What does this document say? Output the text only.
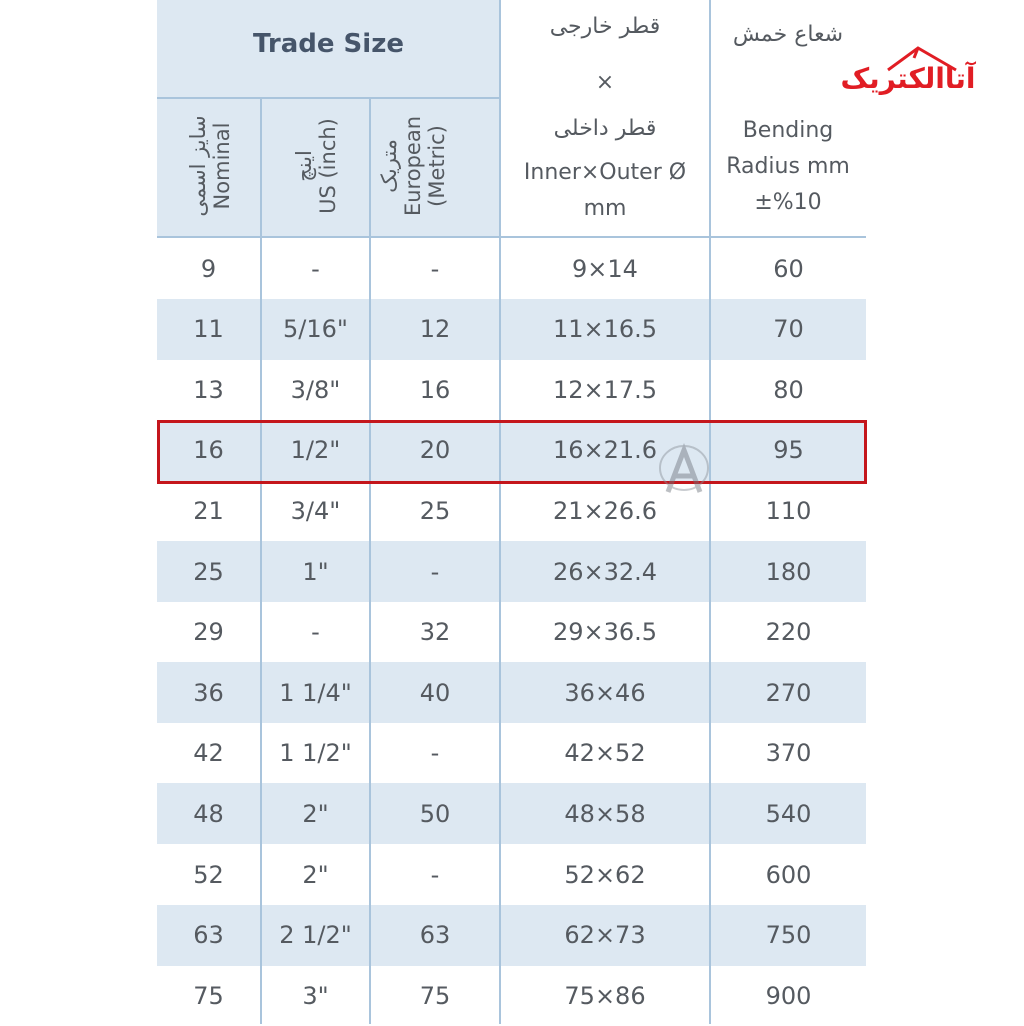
Trade Size
سایز اسمی Nominal	اینچ US (inch) متریک European (Metric)
قطر خارجی
×
قطر داخلی
Inner×Outer Ø
mm
شعاع خمش
Bending
Radius mm
±%10
9	-	-	9×14	60
11	5/16"	12	11×16.5	70
13	3/8"	16	12×17.5	80
16	1/2"	20	16×21.6	95
21	3/4"	25	21×26.6	110
25	1"	-	26×32.4	180
29	-	32	29×36.5	220
36	1 1/4"	40	36×46	270
42	1 1/2"	-	42×52	370
48	2"	50	48×58	540
52	2"	-	52×62	600
63	2 1/2"	63	62×73	750
75	3"	75	75×86	900
آتاالکتریک
